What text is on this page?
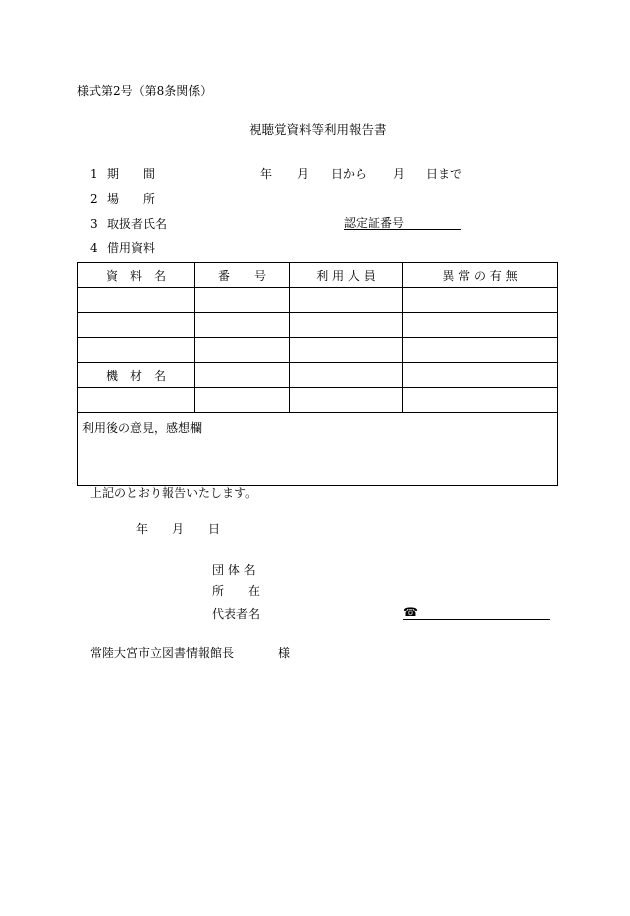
様式第2号（第8条関係）
視聴覚資料等利用報告書
1 期　　間	年 月 日から 月 日まで
2 場　　所
3 取扱者氏名	認定証番号
4 借用資料
資　料　名	番　　号	利 用 人 員	異 常 の 有 無

機　材　名			

利用後の意見，感想欄			
上記のとおり報告いたします。
年 月 日
団 体 名
所　　在
代表者名	☎
常陸大宮市立図書情報館長	様
